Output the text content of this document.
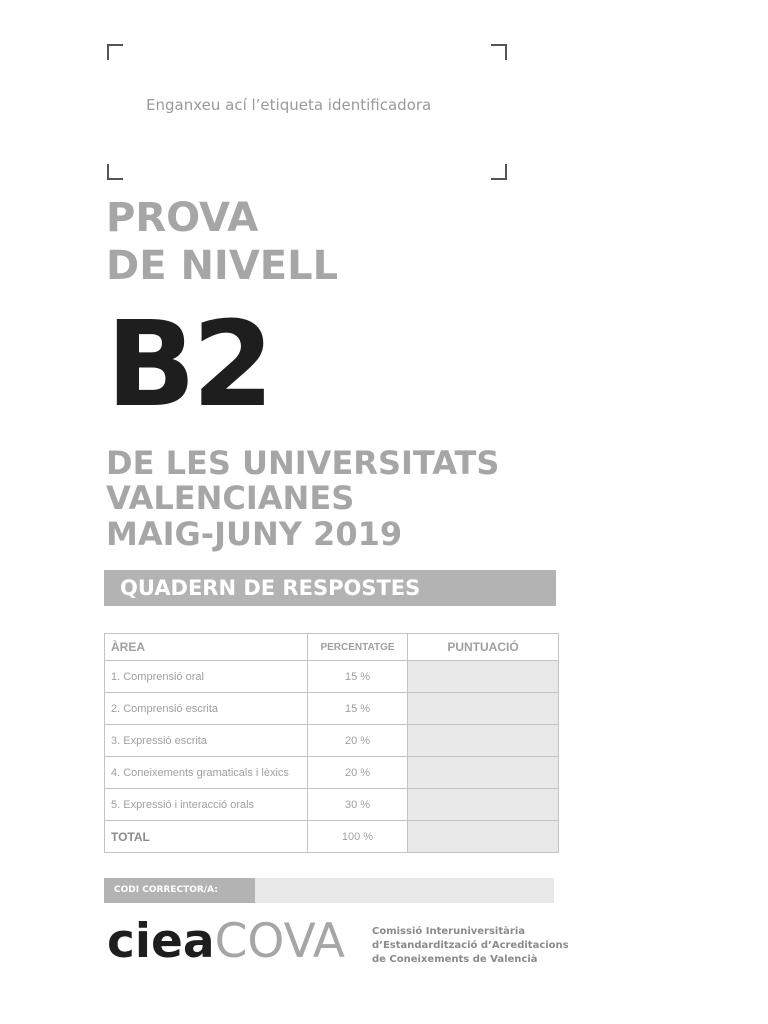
Enganxeu ací l’etiqueta identificadora
PROVA
DE NIVELL
B2
DE LES UNIVERSITATS
VALENCIANES
MAIG-JUNY 2019
QUADERN DE RESPOSTES
ÀREA	PERCENTATGE	PUNTUACIÓ
1. Comprensió oral	15 %	
2. Comprensió escrita	15 %	
3. Expressió escrita	20 %	
4. Coneixements gramaticals i lèxics	20 %	
5. Expressió i interacció orals	30 %	
TOTAL	100 %	
CODI CORRECTOR/A:
cieaCOVA	Comissió Interuniversitària
d’Estandardització d’Acreditacions
de Coneixements de Valencià
